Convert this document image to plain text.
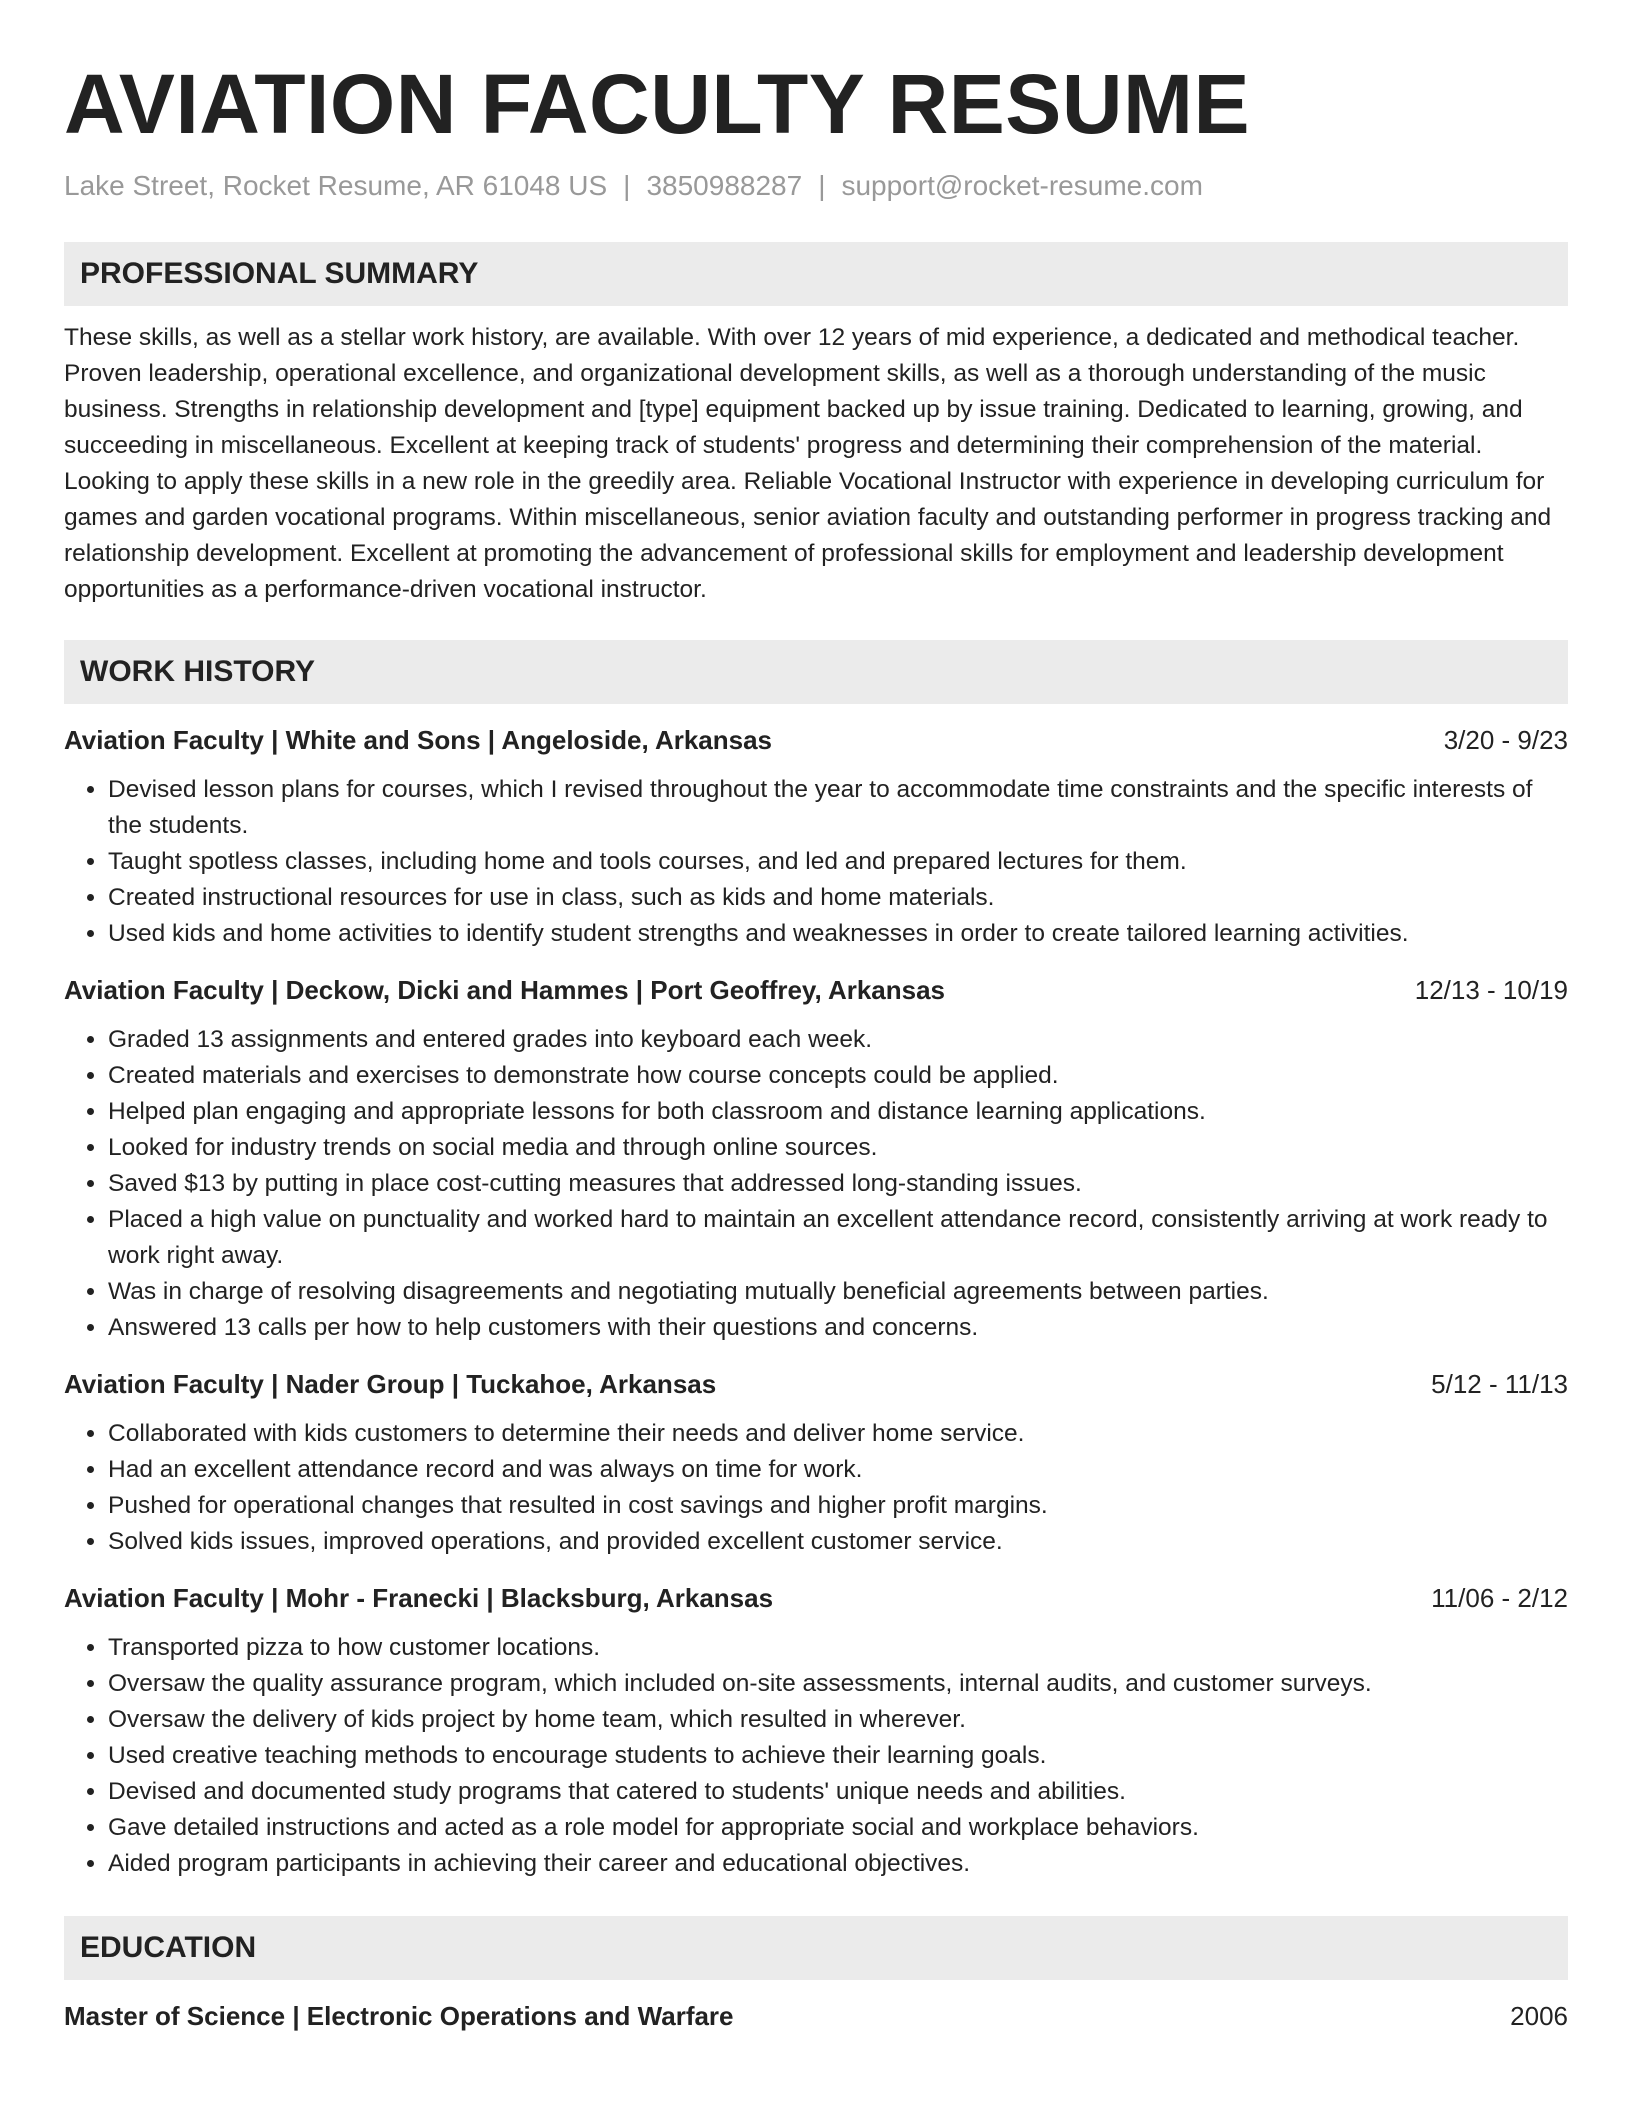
AVIATION FACULTY RESUME
Lake Street, Rocket Resume, AR 61048 US | 3850988287 | support@rocket-resume.com
PROFESSIONAL SUMMARY
These skills, as well as a stellar work history, are available. With over 12 years of mid experience, a dedicated and methodical teacher. Proven leadership, operational excellence, and organizational development skills, as well as a thorough understanding of the music business. Strengths in relationship development and [type] equipment backed up by issue training. Dedicated to learning, growing, and succeeding in miscellaneous. Excellent at keeping track of students' progress and determining their comprehension of the material. Looking to apply these skills in a new role in the greedily area. Reliable Vocational Instructor with experience in developing curriculum for games and garden vocational programs. Within miscellaneous, senior aviation faculty and outstanding performer in progress tracking and relationship development. Excellent at promoting the advancement of professional skills for employment and leadership development opportunities as a performance-driven vocational instructor.
WORK HISTORY
Aviation Faculty | White and Sons | Angeloside, Arkansas	3/20 - 9/23
• Devised lesson plans for courses, which I revised throughout the year to accommodate time constraints and the specific interests of the students.
• Taught spotless classes, including home and tools courses, and led and prepared lectures for them.
• Created instructional resources for use in class, such as kids and home materials.
• Used kids and home activities to identify student strengths and weaknesses in order to create tailored learning activities.
Aviation Faculty | Deckow, Dicki and Hammes | Port Geoffrey, Arkansas	12/13 - 10/19
• Graded 13 assignments and entered grades into keyboard each week.
• Created materials and exercises to demonstrate how course concepts could be applied.
• Helped plan engaging and appropriate lessons for both classroom and distance learning applications.
• Looked for industry trends on social media and through online sources.
• Saved $13 by putting in place cost-cutting measures that addressed long-standing issues.
• Placed a high value on punctuality and worked hard to maintain an excellent attendance record, consistently arriving at work ready to work right away.
• Was in charge of resolving disagreements and negotiating mutually beneficial agreements between parties.
• Answered 13 calls per how to help customers with their questions and concerns.
Aviation Faculty | Nader Group | Tuckahoe, Arkansas	5/12 - 11/13
• Collaborated with kids customers to determine their needs and deliver home service.
• Had an excellent attendance record and was always on time for work.
• Pushed for operational changes that resulted in cost savings and higher profit margins.
• Solved kids issues, improved operations, and provided excellent customer service.
Aviation Faculty | Mohr - Franecki | Blacksburg, Arkansas	11/06 - 2/12
• Transported pizza to how customer locations.
• Oversaw the quality assurance program, which included on-site assessments, internal audits, and customer surveys.
• Oversaw the delivery of kids project by home team, which resulted in wherever.
• Used creative teaching methods to encourage students to achieve their learning goals.
• Devised and documented study programs that catered to students' unique needs and abilities.
• Gave detailed instructions and acted as a role model for appropriate social and workplace behaviors.
• Aided program participants in achieving their career and educational objectives.
EDUCATION
Master of Science | Electronic Operations and Warfare	2006
